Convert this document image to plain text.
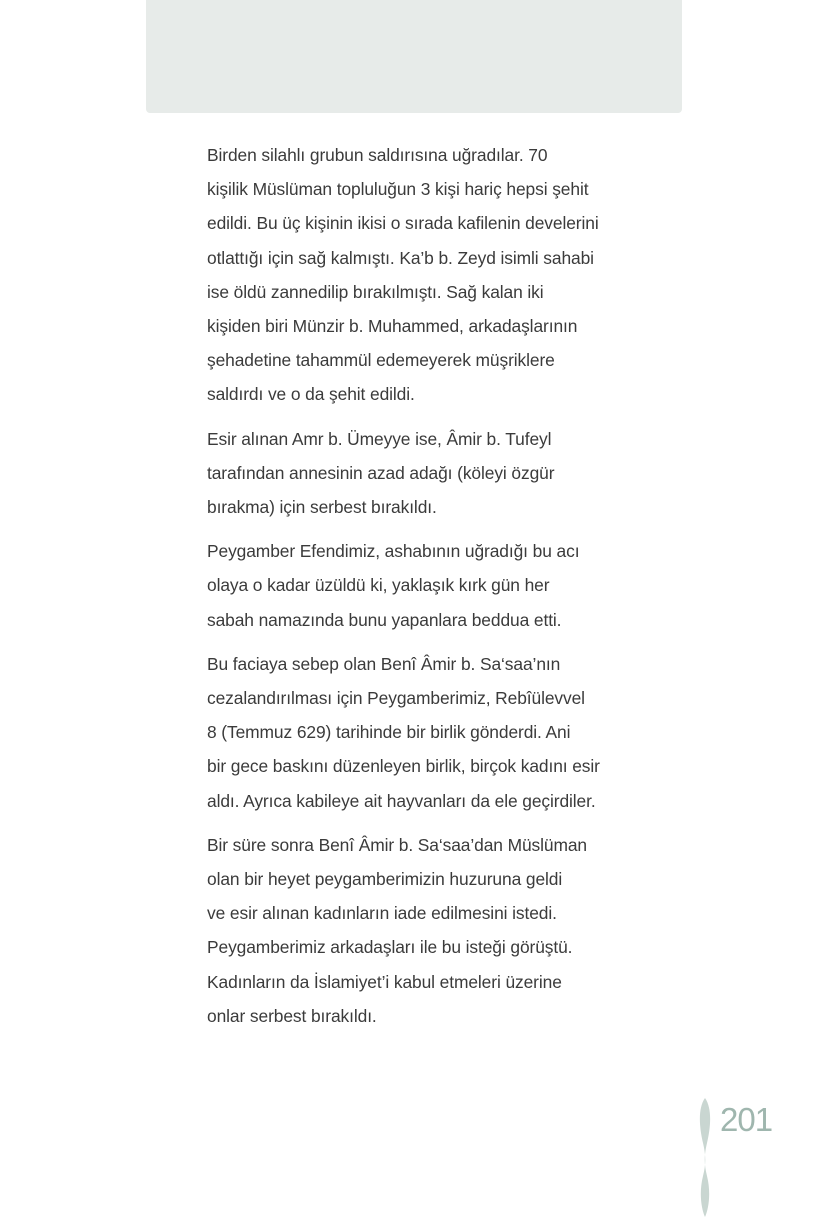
Birden silahlı grubun saldırısına uğradılar. 70
kişilik Müslüman topluluğun 3 kişi hariç hepsi şehit
edildi. Bu üç kişinin ikisi o sırada kafilenin develerini
otlattığı için sağ kalmıştı. Ka’b b. Zeyd isimli sahabi
ise öldü zannedilip bırakılmıştı. Sağ kalan iki
kişiden biri Münzir b. Muhammed, arkadaşlarının
şehadetine tahammül edemeyerek müşriklere
saldırdı ve o da şehit edildi.

Esir alınan Amr b. Ümeyye ise, Âmir b. Tufeyl
tarafından annesinin azad adağı (köleyi özgür
bırakma) için serbest bırakıldı.

Peygamber Efendimiz, ashabının uğradığı bu acı
olaya o kadar üzüldü ki, yaklaşık kırk gün her
sabah namazında bunu yapanlara beddua etti.

Bu faciaya sebep olan Benî Âmir b. Sa‘saa’nın
cezalandırılması için Peygamberimiz, Rebîülevvel
8 (Temmuz 629) tarihinde bir birlik gönderdi. Ani
bir gece baskını düzenleyen birlik, birçok kadını esir
aldı. Ayrıca kabileye ait hayvanları da ele geçirdiler.

Bir süre sonra Benî Âmir b. Sa‘saa’dan Müslüman
olan bir heyet peygamberimizin huzuruna geldi
ve esir alınan kadınların iade edilmesini istedi.
Peygamberimiz arkadaşları ile bu isteği görüştü.
Kadınların da İslamiyet’i kabul etmeleri üzerine
onlar serbest bırakıldı.

201
